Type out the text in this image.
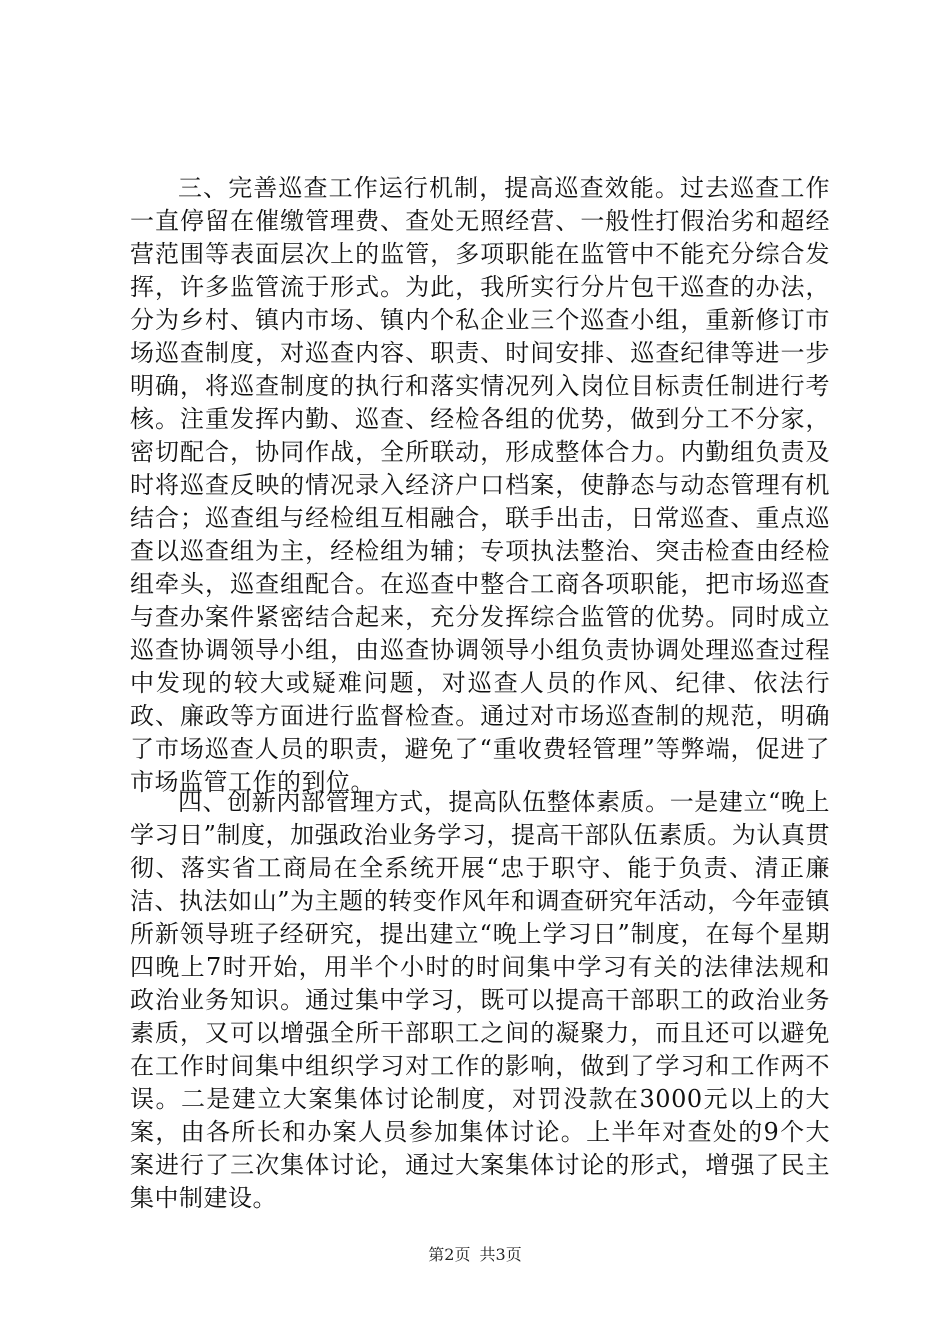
三、完善巡查工作运行机制，提高巡查效能。过去巡查工作一直停留在催缴管理费、查处无照经营、一般性打假治劣和超经营范围等表面层次上的监管，多项职能在监管中不能充分综合发挥，许多监管流于形式。为此，我所实行分片包干巡查的办法，分为乡村、镇内市场、镇内个私企业三个巡查小组，重新修订市场巡查制度，对巡查内容、职责、时间安排、巡查纪律等进一步明确，将巡查制度的执行和落实情况列入岗位目标责任制进行考核。注重发挥内勤、巡查、经检各组的优势，做到分工不分家，密切配合，协同作战，全所联动，形成整体合力。内勤组负责及时将巡查反映的情况录入经济户口档案，使静态与动态管理有机结合；巡查组与经检组互相融合，联手出击，日常巡查、重点巡查以巡查组为主，经检组为辅；专项执法整治、突击检查由经检组牵头，巡查组配合。在巡查中整合工商各项职能，把市场巡查与查办案件紧密结合起来，充分发挥综合监管的优势。同时成立巡查协调领导小组，由巡查协调领导小组负责协调处理巡查过程中发现的较大或疑难问题，对巡查人员的作风、纪律、依法行政、廉政等方面进行监督检查。通过对市场巡查制的规范，明确了市场巡查人员的职责，避免了“重收费轻管理”等弊端，促进了市场监管工作的到位。

四、创新内部管理方式，提高队伍整体素质。一是建立“晚上学习日”制度，加强政治业务学习，提高干部队伍素质。为认真贯彻、落实省工商局在全系统开展“忠于职守、能于负责、清正廉洁、执法如山”为主题的转变作风年和调查研究年活动，今年壶镇所新领导班子经研究，提出建立“晚上学习日”制度，在每个星期四晚上7时开始，用半个小时的时间集中学习有关的法律法规和政治业务知识。通过集中学习，既可以提高干部职工的政治业务素质，又可以增强全所干部职工之间的凝聚力，而且还可以避免在工作时间集中组织学习对工作的影响，做到了学习和工作两不误。二是建立大案集体讨论制度，对罚没款在3000元以上的大案，由各所长和办案人员参加集体讨论。上半年对查处的9个大案进行了三次集体讨论，通过大案集体讨论的形式，增强了民主集中制建设。

第2页 共3页
